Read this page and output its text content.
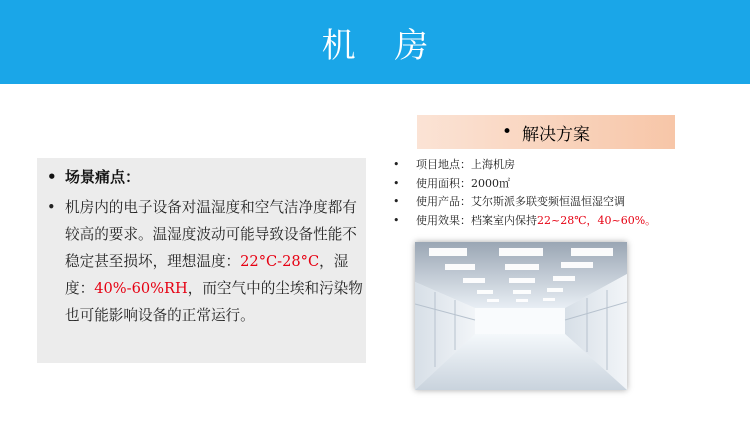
机 房
• 场景痛点：
• 机房内的电子设备对温湿度和空气洁净度都有较高的要求。温湿度波动可能导致设备性能不稳定甚至损坏，理想温度：22°C-28°C，湿度：40%-60%RH，而空气中的尘埃和污染物也可能影响设备的正常运行。
• 解决方案
• 项目地点：上海机房
• 使用面积：2000㎡
• 使用产品：艾尔斯派多联变频恒温恒湿空调
• 使用效果：档案室内保持22~28℃，40~60%。
